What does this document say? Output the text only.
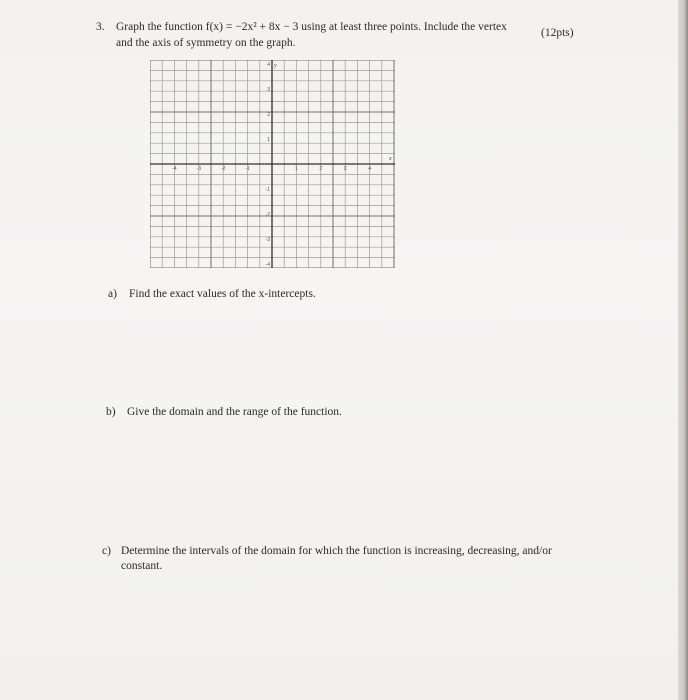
3. Graph the function f(x) = −2x² + 8x − 3 using at least three points. Include the vertex
and the axis of symmetry on the graph.
(12pts)
-4	-3	-2	-1	1	2	3	4
4
3
2
1
-1
-2
-3
-4
y
x
a) Find the exact values of the x-intercepts.
b) Give the domain and the range of the function.
c) Determine the intervals of the domain for which the function is increasing, decreasing, and/or constant.
